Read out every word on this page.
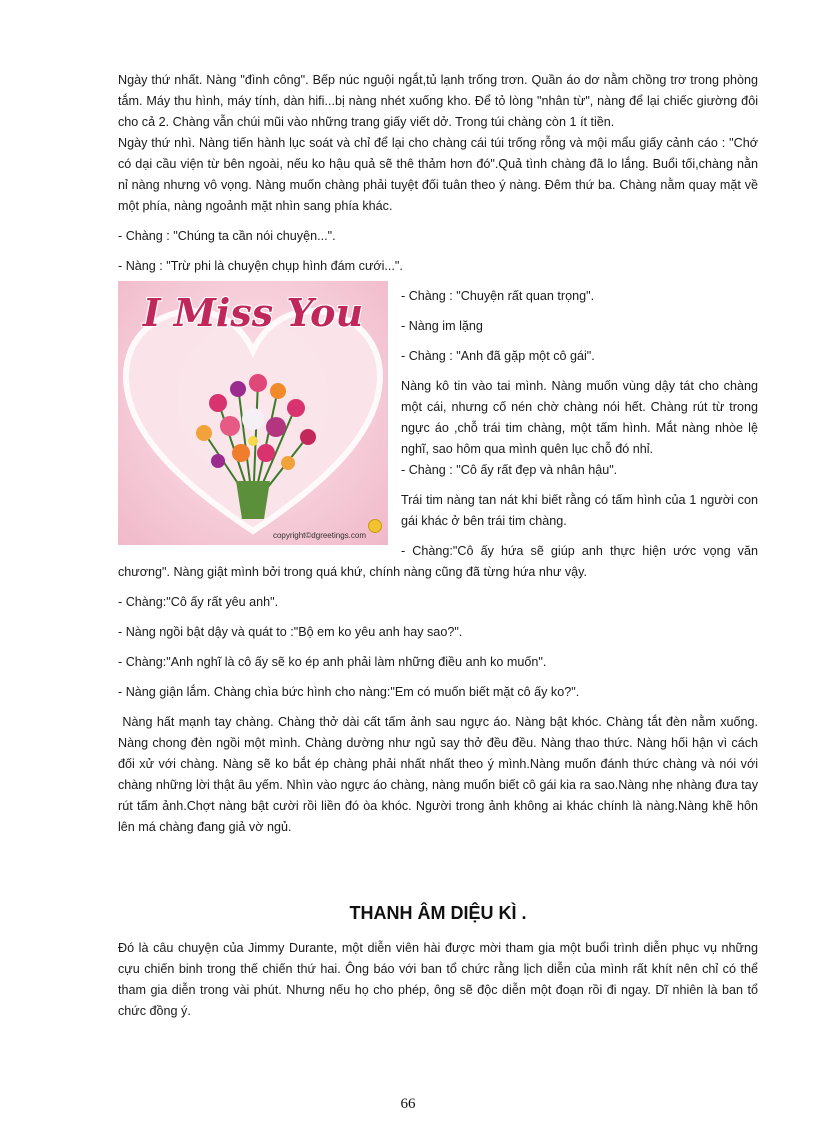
Ngày thứ nhất. Nàng "đình công". Bếp núc nguội ngắt,tủ lạnh trống trơn. Quần áo dơ nằm chồng trơ trong phòng tắm. Máy thu hình, máy tính, dàn hifi...bị nàng nhét xuống kho. Để tỏ lòng "nhân từ", nàng để lại chiếc giường đôi cho cả 2. Chàng vẫn chúi mũi vào những trang giấy viết dở. Trong túi chàng còn 1 ít tiền.

Ngày thứ nhì. Nàng tiến hành lục soát và chỉ để lại cho chàng cái túi trống rỗng và mội mẩu giấy cảnh cáo : "Chớ có dại cầu viện từ bên ngoài, nếu ko hậu quả sẽ thê thảm hơn đó".Quả tình chàng đã lo lắng. Buổi tối,chàng nằn nỉ nàng nhưng vô vọng. Nàng muốn chàng phải tuyệt đối tuân theo ý nàng. Đêm thứ ba. Chàng nằm quay mặt về một phía, nàng ngoảnh mặt nhìn sang phía khác.

- Chàng : "Chúng ta cần nói chuyện...".

- Nàng : "Trừ phi là chuyện chụp hình đám cưới...".

I Miss You
copyright©dgreetings.com

- Chàng : "Chuyện rất quan trọng".

- Nàng im lặng

- Chàng : "Anh đã gặp một cô gái".

Nàng kô tin vào tai mình. Nàng muốn vùng dậy tát cho chàng một cái, nhưng cố nén chờ chàng nói hết. Chàng rút từ trong ngực áo ,chỗ trái tim chàng, một tấm hình. Mắt nàng nhòe lệ nghĩ, sao hôm qua mình quên lục chỗ đó nhỉ.

- Chàng : "Cô ấy rất đẹp và nhân hậu".

Trái tim nàng tan nát khi biết rằng có tấm hình của 1 người con gái khác ở bên trái tim chàng.

- Chàng:"Cô ấy hứa sẽ giúp anh thực hiện ước vọng văn chương". Nàng giật mình bởi trong quá khứ, chính nàng cũng đã từng hứa như vậy.

- Chàng:"Cô ấy rất yêu anh".

- Nàng ngồi bật dậy và quát to :"Bộ em ko yêu anh hay sao?".

- Chàng:"Anh nghĩ là cô ấy sẽ ko ép anh phải làm những điều anh ko muốn".

- Nàng giận lắm. Chàng chìa bức hình cho nàng:"Em có muốn biết mặt cô ấy ko?".

Nàng hất mạnh tay chàng. Chàng thở dài cất tấm ảnh sau ngực áo. Nàng bật khóc. Chàng tắt đèn nằm xuống. Nàng chong đèn ngồi một mình. Chàng dường như ngủ say thở đều đều. Nàng thao thức. Nàng hối hận vì cách đối xử với chàng. Nàng sẽ ko bắt ép chàng phải nhất nhất theo ý mình.Nàng muốn đánh thức chàng và nói với chàng những lời thật âu yếm. Nhìn vào ngực áo chàng, nàng muốn biết cô gái kia ra sao.Nàng nhẹ nhàng đưa tay rút tấm ảnh.Chợt nàng bật cười rồi liền đó òa khóc. Người trong ảnh không ai khác chính là nàng.Nàng khẽ hôn lên má chàng đang giả vờ ngủ.

THANH ÂM DIỆU KÌ .

Đó là câu chuyện của Jimmy Durante, một diễn viên hài được mời tham gia một buổi trình diễn phục vụ những cựu chiến binh trong thế chiến thứ hai. Ông báo với ban tổ chức rằng lịch diễn của mình rất khít nên chỉ có thể tham gia diễn trong vài phút. Nhưng nếu họ cho phép, ông sẽ độc diễn một đoạn rồi đi ngay. Dĩ nhiên là ban tổ chức đồng ý.

66
